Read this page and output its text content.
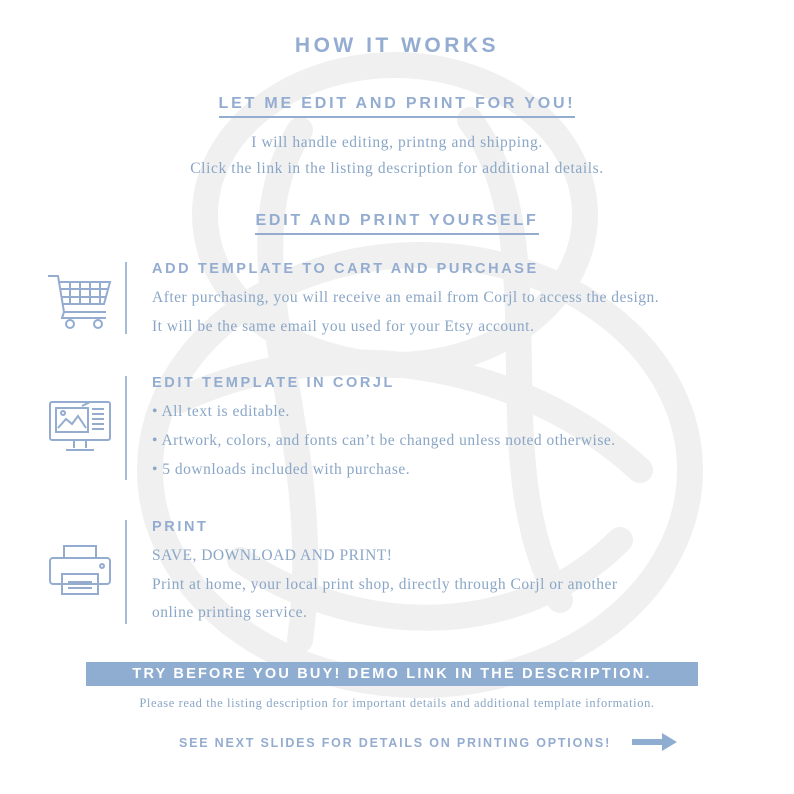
HOW IT WORKS
LET ME EDIT AND PRINT FOR YOU!
I will handle editing, printng and shipping.
Click the link in the listing description for additional details.
EDIT AND PRINT YOURSELF
ADD TEMPLATE TO CART AND PURCHASE
After purchasing, you will receive an email from Corjl to access the design.
It will be the same email you used for your Etsy account.
EDIT TEMPLATE IN CORJL
• All text is editable.
• Artwork, colors, and fonts can’t be changed unless noted otherwise.
• 5 downloads included with purchase.
PRINT
SAVE, DOWNLOAD AND PRINT!
Print at home, your local print shop, directly through Corjl or another
online printing service.
TRY BEFORE YOU BUY! DEMO LINK IN THE DESCRIPTION.
Please read the listing description for important details and additional template information.
SEE NEXT SLIDES FOR DETAILS ON PRINTING OPTIONS!
